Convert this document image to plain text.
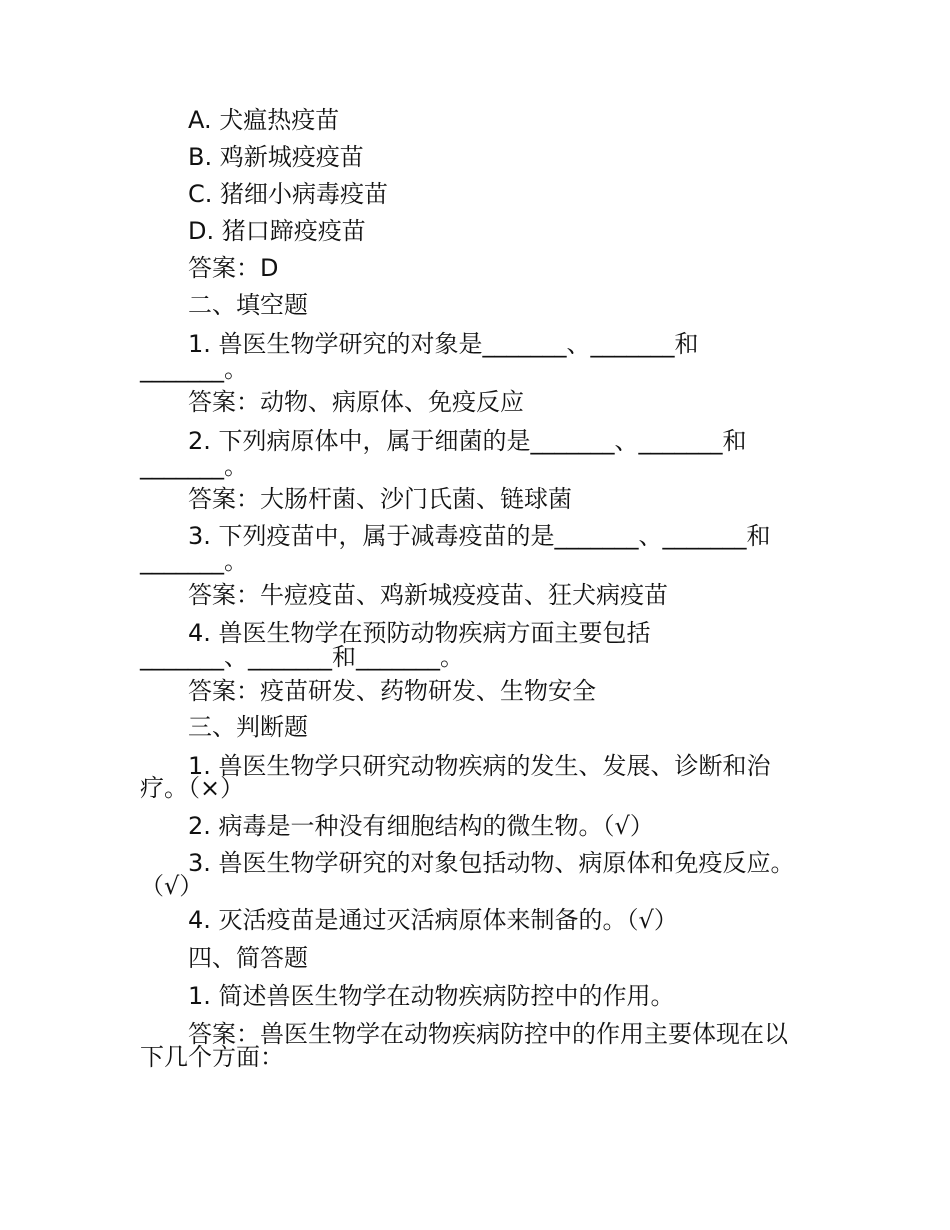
A. 犬瘟热疫苗
B. 鸡新城疫疫苗
C. 猪细小病毒疫苗
D. 猪口蹄疫疫苗
答案：D
二、填空题
1. 兽医生物学研究的对象是_______、_______和
_______。
答案：动物、病原体、免疫反应
2. 下列病原体中，属于细菌的是_______、_______和
_______。
答案：大肠杆菌、沙门氏菌、链球菌
3. 下列疫苗中，属于减毒疫苗的是_______、_______和
_______。
答案：牛痘疫苗、鸡新城疫疫苗、狂犬病疫苗
4. 兽医生物学在预防动物疾病方面主要包括
_______、_______和_______。
答案：疫苗研发、药物研发、生物安全
三、判断题
1. 兽医生物学只研究动物疾病的发生、发展、诊断和治
疗。（×）
2. 病毒是一种没有细胞结构的微生物。（√）
3. 兽医生物学研究的对象包括动物、病原体和免疫反应。
（√）
4. 灭活疫苗是通过灭活病原体来制备的。（√）
四、简答题
1. 简述兽医生物学在动物疾病防控中的作用。
答案：兽医生物学在动物疾病防控中的作用主要体现在以
下几个方面：
